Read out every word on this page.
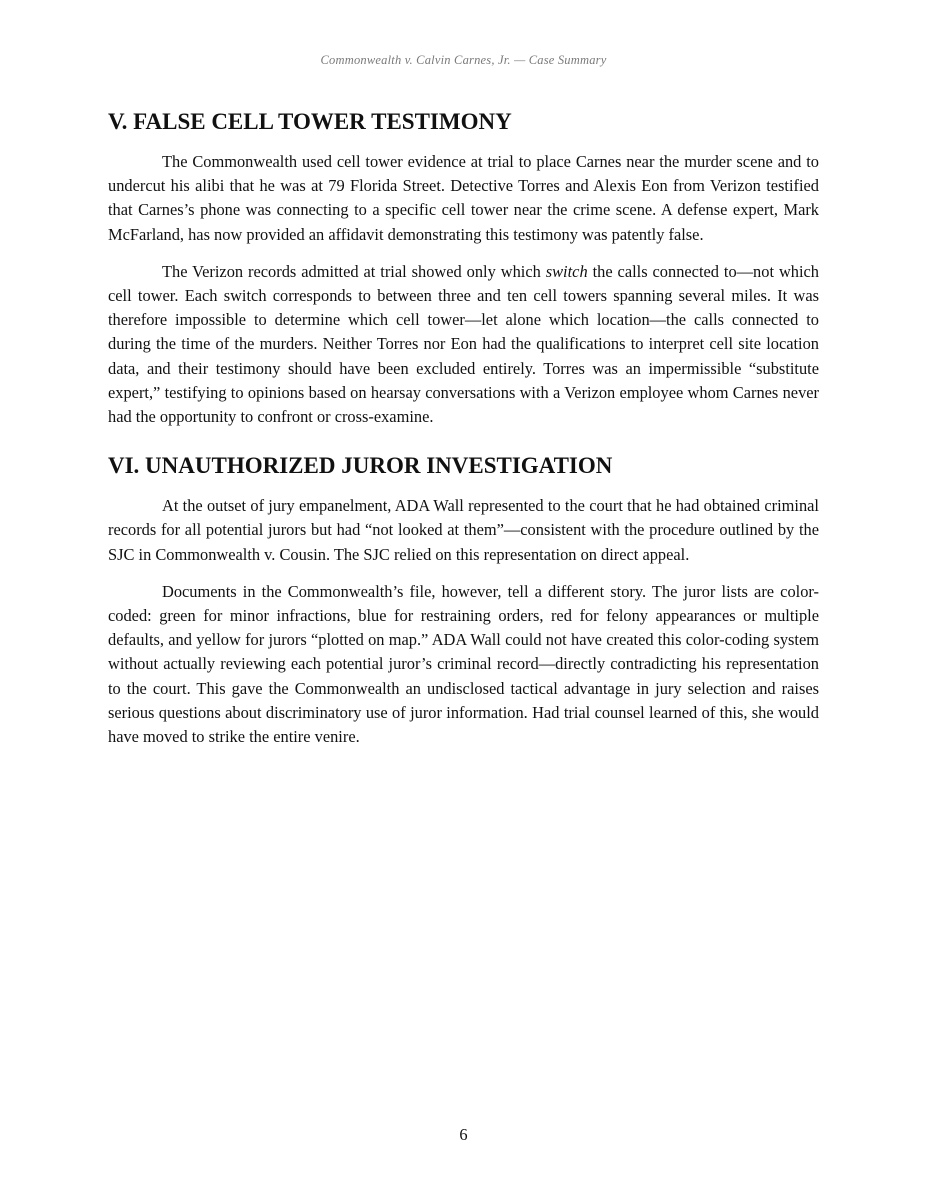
Commonwealth v. Calvin Carnes, Jr. — Case Summary
V. FALSE CELL TOWER TESTIMONY

The Commonwealth used cell tower evidence at trial to place Carnes near the murder scene and to undercut his alibi that he was at 79 Florida Street. Detective Torres and Alexis Eon from Verizon testified that Carnes’s phone was connecting to a specific cell tower near the crime scene. A defense expert, Mark McFarland, has now provided an affidavit demonstrating this testimony was patently false.

The Verizon records admitted at trial showed only which switch the calls connected to—not which cell tower. Each switch corresponds to between three and ten cell towers spanning several miles. It was therefore impossible to determine which cell tower—let alone which location—the calls connected to during the time of the murders. Neither Torres nor Eon had the qualifications to interpret cell site location data, and their testimony should have been excluded entirely. Torres was an impermissible “substitute expert,” testifying to opinions based on hearsay conversations with a Verizon employee whom Carnes never had the opportunity to confront or cross-examine.

VI. UNAUTHORIZED JUROR INVESTIGATION

At the outset of jury empanelment, ADA Wall represented to the court that he had obtained criminal records for all potential jurors but had “not looked at them”—consistent with the procedure outlined by the SJC in Commonwealth v. Cousin. The SJC relied on this representation on direct appeal.

Documents in the Commonwealth’s file, however, tell a different story. The juror lists are color-coded: green for minor infractions, blue for restraining orders, red for felony appearances or multiple defaults, and yellow for jurors “plotted on map.” ADA Wall could not have created this color-coding system without actually reviewing each potential juror’s criminal record—directly contradicting his representation to the court. This gave the Commonwealth an undisclosed tactical advantage in jury selection and raises serious questions about discriminatory use of juror information. Had trial counsel learned of this, she would have moved to strike the entire venire.

6
